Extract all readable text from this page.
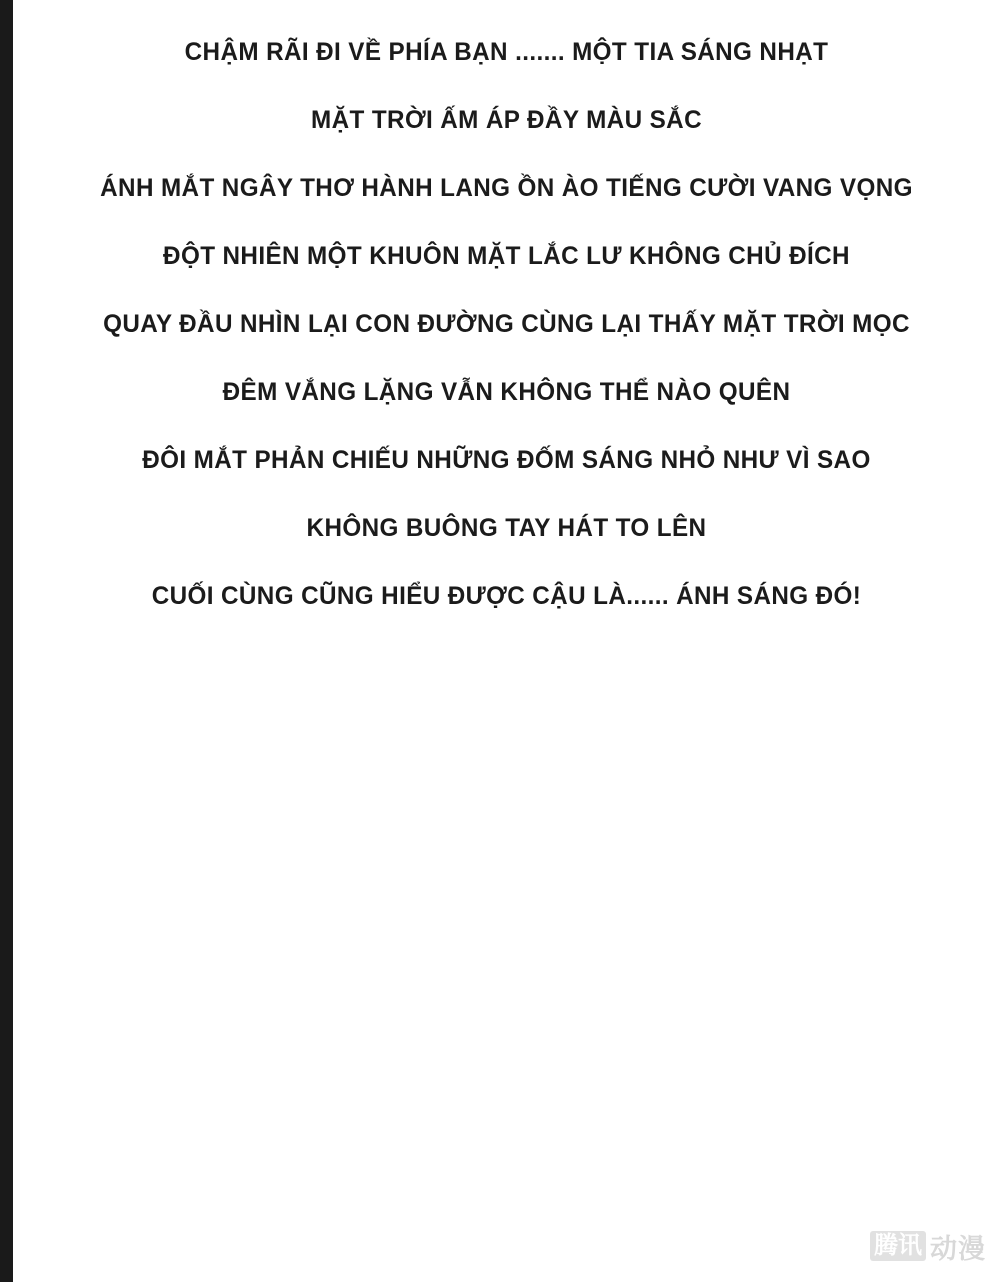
CHẬM RÃI ĐI VỀ PHÍA BẠN ....... MỘT TIA SÁNG NHẠT
MẶT TRỜI ẤM ÁP ĐẦY MÀU SẮC
ÁNH MẮT NGÂY THƠ HÀNH LANG ỒN ÀO TIẾNG CƯỜI VANG VỌNG
ĐỘT NHIÊN MỘT KHUÔN MẶT LẮC LƯ KHÔNG CHỦ ĐÍCH
QUAY ĐẦU NHÌN LẠI CON ĐƯỜNG CÙNG LẠI THẤY MẶT TRỜI MỌC
ĐÊM VẮNG LẶNG VẪN KHÔNG THỂ NÀO QUÊN
ĐÔI MẮT PHẢN CHIẾU NHỮNG ĐỐM SÁNG NHỎ NHƯ VÌ SAO
KHÔNG BUÔNG TAY HÁT TO LÊN
CUỐI CÙNG CŨNG HIỂU ĐƯỢC CẬU LÀ...... ÁNH SÁNG ĐÓ!
腾讯 动漫
